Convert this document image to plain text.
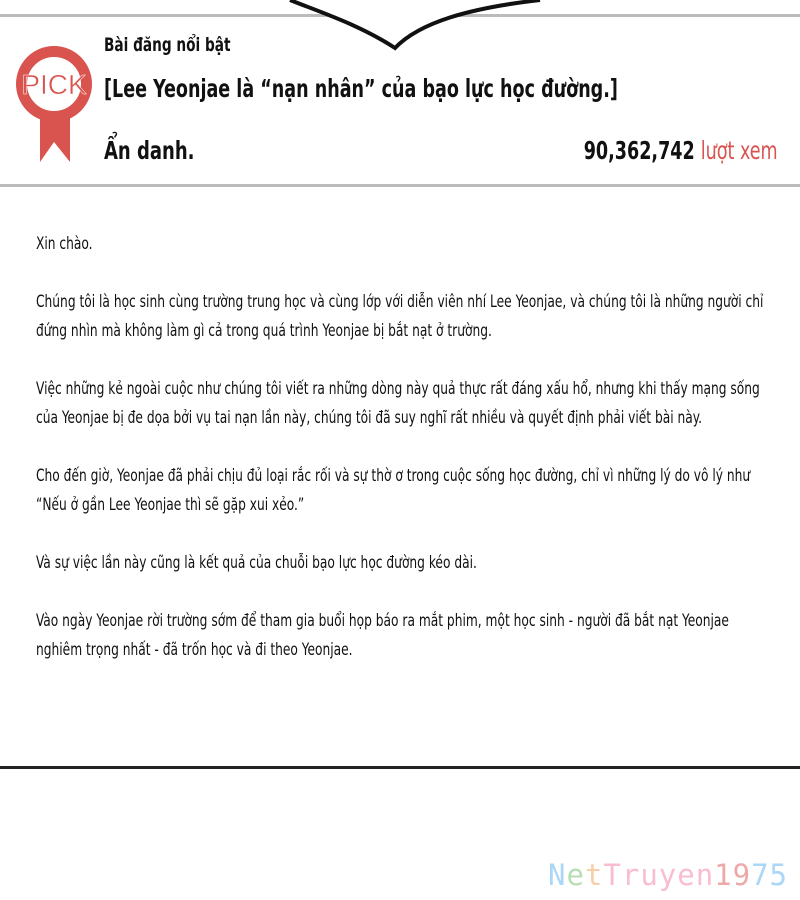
PICK
Bài đăng nổi bật
[Lee Yeonjae là “nạn nhân” của bạo lực học đường.]
Ẩn danh.	90,362,742 lượt xem

Xin chào.

Chúng tôi là học sinh cùng trường trung học và cùng lớp với diễn viên nhí Lee Yeonjae, và chúng tôi là những người chỉ đứng nhìn mà không làm gì cả trong quá trình Yeonjae bị bắt nạt ở trường.

Việc những kẻ ngoài cuộc như chúng tôi viết ra những dòng này quả thực rất đáng xấu hổ, nhưng khi thấy mạng sống của Yeonjae bị đe dọa bởi vụ tai nạn lần này, chúng tôi đã suy nghĩ rất nhiều và quyết định phải viết bài này.

Cho đến giờ, Yeonjae đã phải chịu đủ loại rắc rối và sự thờ ơ trong cuộc sống học đường, chỉ vì những lý do vô lý như “Nếu ở gần Lee Yeonjae thì sẽ gặp xui xẻo.”

Và sự việc lần này cũng là kết quả của chuỗi bạo lực học đường kéo dài.

Vào ngày Yeonjae rời trường sớm để tham gia buổi họp báo ra mắt phim, một học sinh - người đã bắt nạt Yeonjae nghiêm trọng nhất - đã trốn học và đi theo Yeonjae.

NetTruyen1975
